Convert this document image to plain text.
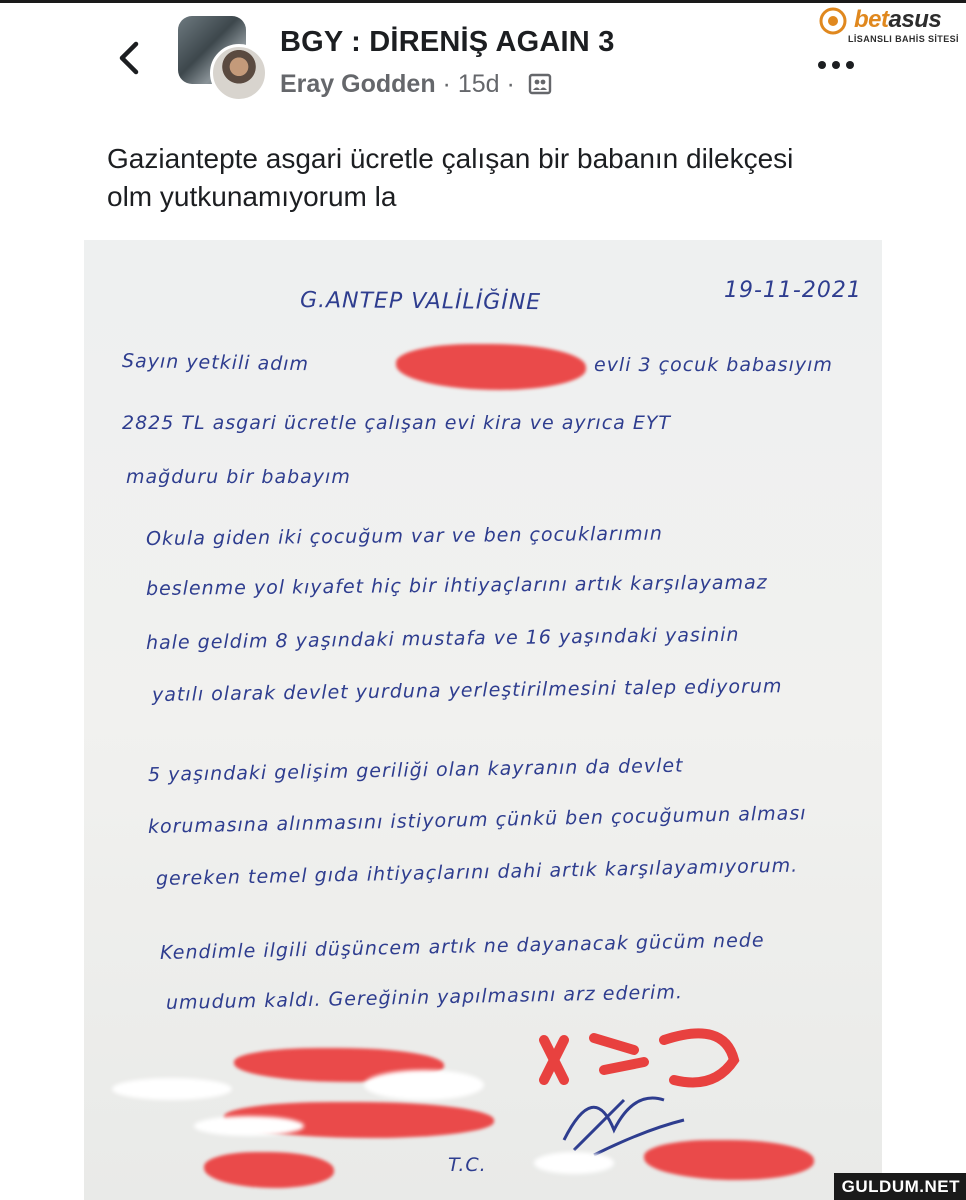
BGY : DİRENİŞ AGAIN 3
Eray Godden · 15d ·
betasus
LİSANSLI BAHİS SİTESİ
Gaziantepte asgari ücretle çalışan bir babanın dilekçesi olm yutkunamıyorum la
G.ANTEP VALİLİĞİNE	19-11-2021
Sayın yetkili adım	evli 3 çocuk babasıyım
2825 TL asgari ücretle çalışan evi kira ve ayrıca EYT
mağduru bir babayım
Okula giden iki çocuğum var ve ben çocuklarımın
beslenme yol kıyafet hiç bir ihtiyaçlarını artık karşılayamaz
hale geldim 8 yaşındaki mustafa ve 16 yaşındaki yasinin
yatılı olarak devlet yurduna yerleştirilmesini talep ediyorum
5 yaşındaki gelişim geriliği olan kayranın da devlet
korumasına alınmasını istiyorum çünkü ben çocuğumun alması
gereken temel gıda ihtiyaçlarını dahi artık karşılayamıyorum.
Kendimle ilgili düşüncem artık ne dayanacak gücüm nede
umudum kaldı. Gereğinin yapılmasını arz ederim.
T.C.
GULDUM.NET
